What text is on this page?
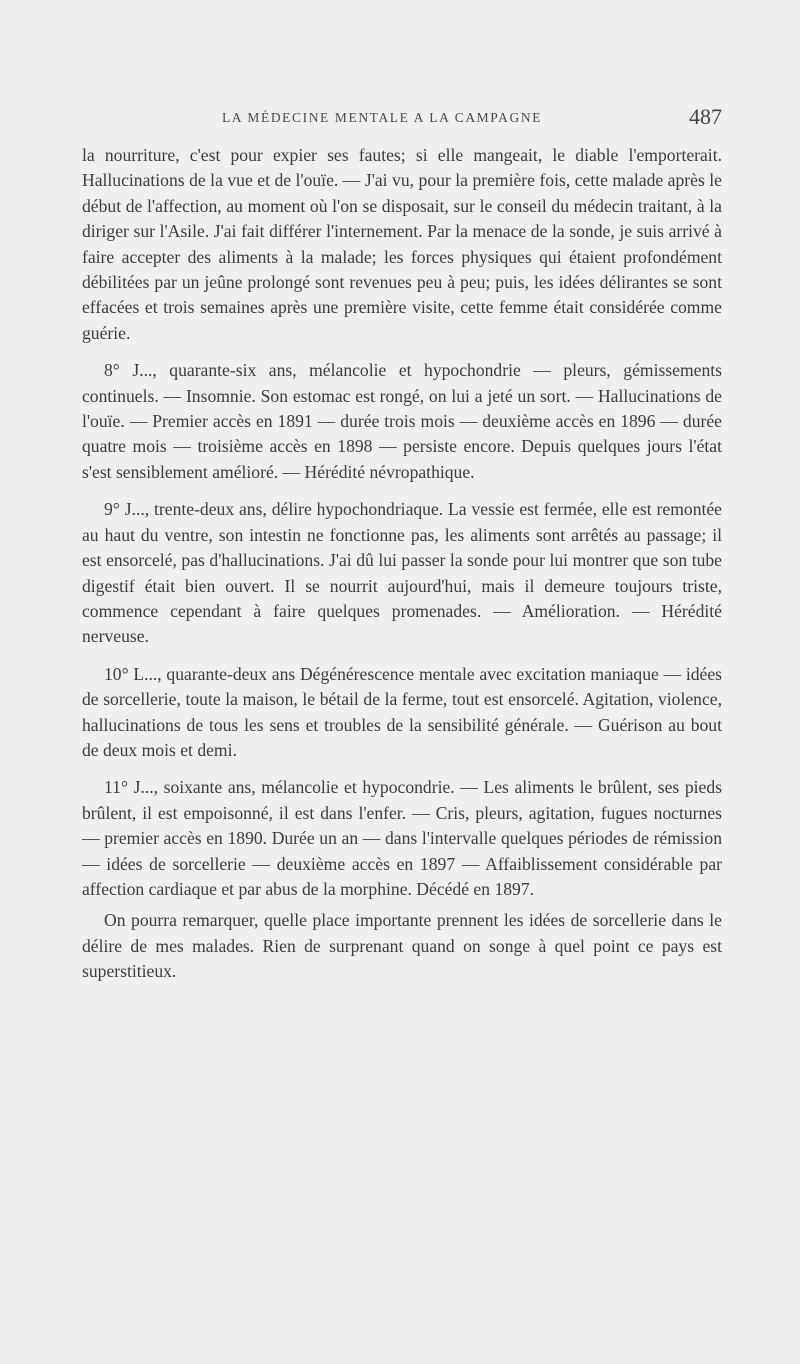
LA MÉDECINE MENTALE A LA CAMPAGNE	487

la nourriture, c'est pour expier ses fautes; si elle mangeait, le diable l'emporterait. Hallucinations de la vue et de l'ouïe. — J'ai vu, pour la première fois, cette malade après le début de l'affection, au moment où l'on se disposait, sur le conseil du médecin traitant, à la diriger sur l'Asile. J'ai fait différer l'internement. Par la menace de la sonde, je suis arrivé à faire accepter des aliments à la malade; les forces physiques qui étaient profondément débilitées par un jeûne prolongé sont revenues peu à peu; puis, les idées délirantes se sont effacées et trois semaines après une première visite, cette femme était considérée comme guérie.

8° J..., quarante-six ans, mélancolie et hypochondrie — pleurs, gémissements continuels. — Insomnie. Son estomac est rongé, on lui a jeté un sort. — Hallucinations de l'ouïe. — Premier accès en 1891 — durée trois mois — deuxième accès en 1896 — durée quatre mois — troisième accès en 1898 — persiste encore. Depuis quelques jours l'état s'est sensiblement amélioré. — Hérédité névropathique.

9° J..., trente-deux ans, délire hypochondriaque. La vessie est fermée, elle est remontée au haut du ventre, son intestin ne fonctionne pas, les aliments sont arrêtés au passage; il est ensorcelé, pas d'hallucinations. J'ai dû lui passer la sonde pour lui montrer que son tube digestif était bien ouvert. Il se nourrit aujourd'hui, mais il demeure toujours triste, commence cependant à faire quelques promenades. — Amélioration. — Hérédité nerveuse.

10° L..., quarante-deux ans Dégénérescence mentale avec excitation maniaque — idées de sorcellerie, toute la maison, le bétail de la ferme, tout est ensorcelé. Agitation, violence, hallucinations de tous les sens et troubles de la sensibilité générale. — Guérison au bout de deux mois et demi.

11° J..., soixante ans, mélancolie et hypocondrie. — Les aliments le brûlent, ses pieds brûlent, il est empoisonné, il est dans l'enfer. — Cris, pleurs, agitation, fugues nocturnes — premier accès en 1890. Durée un an — dans l'intervalle quelques périodes de rémission — idées de sorcellerie — deuxième accès en 1897 — Affaiblissement considérable par affection cardiaque et par abus de la morphine. Décédé en 1897.

On pourra remarquer, quelle place importante prennent les idées de sorcellerie dans le délire de mes malades. Rien de surprenant quand on songe à quel point ce pays est superstitieux.
